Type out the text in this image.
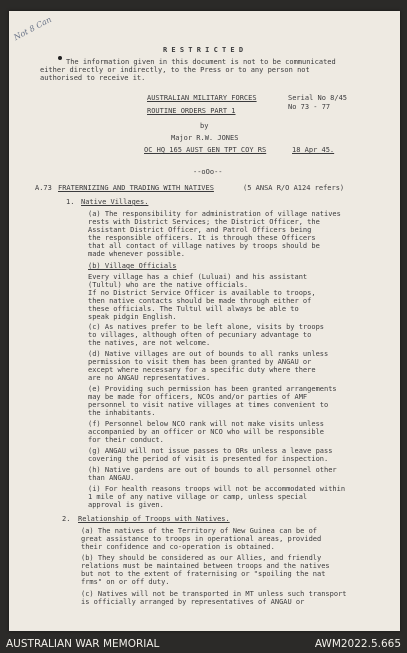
Not 8 Can
R E S T R I C T E D
The information given in this document is not to be communicated
either directly or indirectly, to the Press or to any person not
authorised to receive it.
AUSTRALIAN MILITARY FORCES	Serial No 8/45
ROUTINE ORDERS PART 1	No 73 - 77
by
Major R.W. JONES
OC HQ 165 AUST GEN TPT COY RS	18 Apr 45.
--oOo--
A.73 FRATERNIZING AND TRADING WITH NATIVES	(5 ANSA R/O A124 refers)
1. Native Villages.
(a) The responsibility for administration of village natives
rests with District Services; the District Officer, the
Assistant District Officer, and Patrol Officers being
the responsible officers. It is through these Officers
that all contact of village natives by troops should be
made whenever possible.
(b) Village Officials
Every village has a chief (Luluai) and his assistant
(Tultul) who are the native officials.
If no District Service Officer is available to troops,
then native contacts should be made through either of
these officials. The Tultul will always be able to
speak pidgin English.
(c) As natives prefer to be left alone, visits by troops
to villages, although often of pecuniary advantage to
the natives, are not welcome.
(d) Native villages are out of bounds to all ranks unless
permission to visit them has been granted by ANGAU or
except where necessary for a specific duty where there
are no ANGAU representatives.
(e) Providing such permission has been granted arrangements
may be made for officers, NCOs and/or parties of AMF
personnel to visit native villages at times convenient to
the inhabitants.
(f) Personnel below NCO rank will not make visits unless
accompanied by an officer or NCO who will be responsible
for their conduct.
(g) ANGAU will not issue passes to ORs unless a leave pass
covering the period of visit is presented for inspection.
(h) Native gardens are out of bounds to all personnel other
than ANGAU.
(i) For health reasons troops will not be accommodated within
1 mile of any native village or camp, unless special
approval is given.
2. Relationship of Troops with Natives.
(a) The natives of the Territory of New Guinea can be of
great assistance to troops in operational areas, provided
their confidence and co-operation is obtained.
(b) They should be considered as our Allies, and friendly
relations must be maintained between troops and the natives
but not to the extent of fraternising or "spoiling the nat
frms" on or off duty.
(c) Natives will not be transported in MT unless such transport
is officially arranged by representatives of ANGAU or
AUSTRALIAN WAR MEMORIAL	AWM2022.5.665
